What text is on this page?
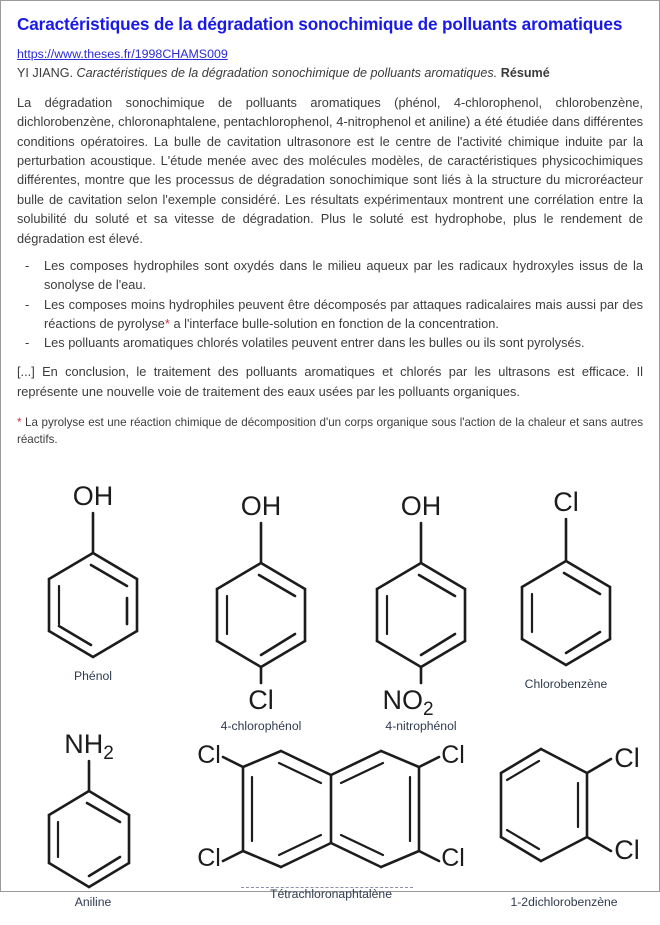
Caractéristiques de la dégradation sonochimique de polluants aromatiques
https://www.theses.fr/1998CHAMS009
YI JIANG. Caractéristiques de la dégradation sonochimique de polluants aromatiques. Résumé

La dégradation sonochimique de polluants aromatiques (phénol, 4-chlorophenol, chlorobenzène, dichlorobenzène, chloronaphtalene, pentachlorophenol, 4-nitrophenol et aniline) a été étudiée dans différentes conditions opératoires. La bulle de cavitation ultrasonore est le centre de l'activité chimique induite par la perturbation acoustique. L'étude menée avec des molécules modèles, de caractéristiques physicochimiques différentes, montre que les processus de dégradation sonochimique sont liés à la structure du microréacteur bulle de cavitation selon l'exemple considéré. Les résultats expérimentaux montrent une corrélation entre la solubilité du soluté et sa vitesse de dégradation. Plus le soluté est hydrophobe, plus le rendement de dégradation est élevé.

- Les composes hydrophiles sont oxydés dans le milieu aqueux par les radicaux hydroxyles issus de la sonolyse de l'eau.
- Les composes moins hydrophiles peuvent être décomposés par attaques radicalaires mais aussi par des réactions de pyrolyse* a l'interface bulle-solution en fonction de la concentration.
- Les polluants aromatiques chlorés volatiles peuvent entrer dans les bulles ou ils sont pyrolysés.

[...] En conclusion, le traitement des polluants aromatiques et chlorés par les ultrasons est efficace. Il représente une nouvelle voie de traitement des eaux usées par les polluants organiques.

* La pyrolyse est une réaction chimique de décomposition d'un corps organique sous l'action de la chaleur et sans autres réactifs.

OH
Phénol
OH
Cl
4-chlorophénol
OH
$NO_2$
4-nitrophénol
Cl
Chlorobenzène
$NH_2$
Aniline
Cl
Cl
Cl
Cl
Tétrachloronaphtalène
Cl
Cl
1-2dichlorobenzène
